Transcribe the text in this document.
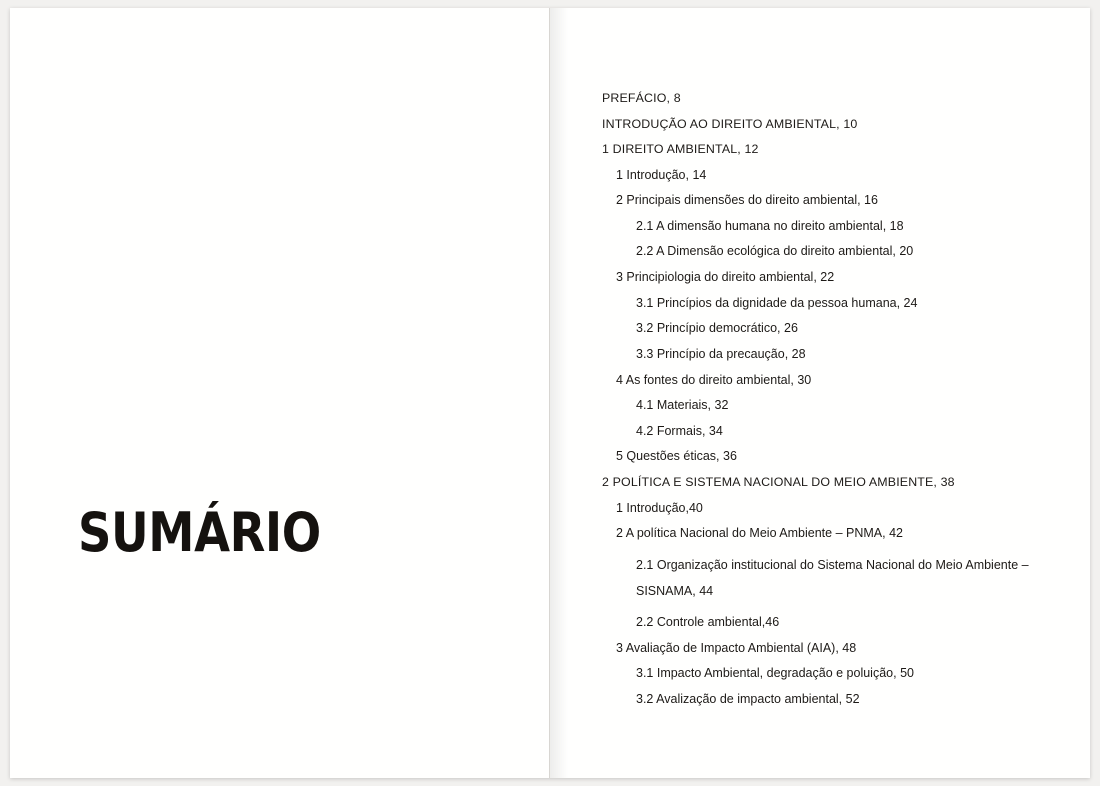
SUMÁRIO
PREFÁCIO, 8
INTRODUÇÃO AO DIREITO AMBIENTAL, 10
1 DIREITO AMBIENTAL, 12
1 Introdução, 14
2 Principais dimensões do direito ambiental, 16
2.1 A dimensão humana no direito ambiental, 18
2.2 A Dimensão ecológica do direito ambiental, 20
3 Principiologia do direito ambiental, 22
3.1 Princípios da dignidade da pessoa humana, 24
3.2 Princípio democrático, 26
3.3 Princípio da precaução, 28
4 As fontes do direito ambiental, 30
4.1 Materiais, 32
4.2 Formais, 34
5 Questões éticas, 36
2 POLÍTICA E SISTEMA NACIONAL DO MEIO AMBIENTE, 38
1 Introdução,40
2 A política Nacional do Meio Ambiente – PNMA, 42
2.1 Organização institucional do Sistema Nacional do Meio Ambiente – SISNAMA, 44
2.2 Controle ambiental,46
3 Avaliação de Impacto Ambiental (AIA), 48
3.1 Impacto Ambiental, degradação e poluição, 50
3.2 Avalização de impacto ambiental, 52
